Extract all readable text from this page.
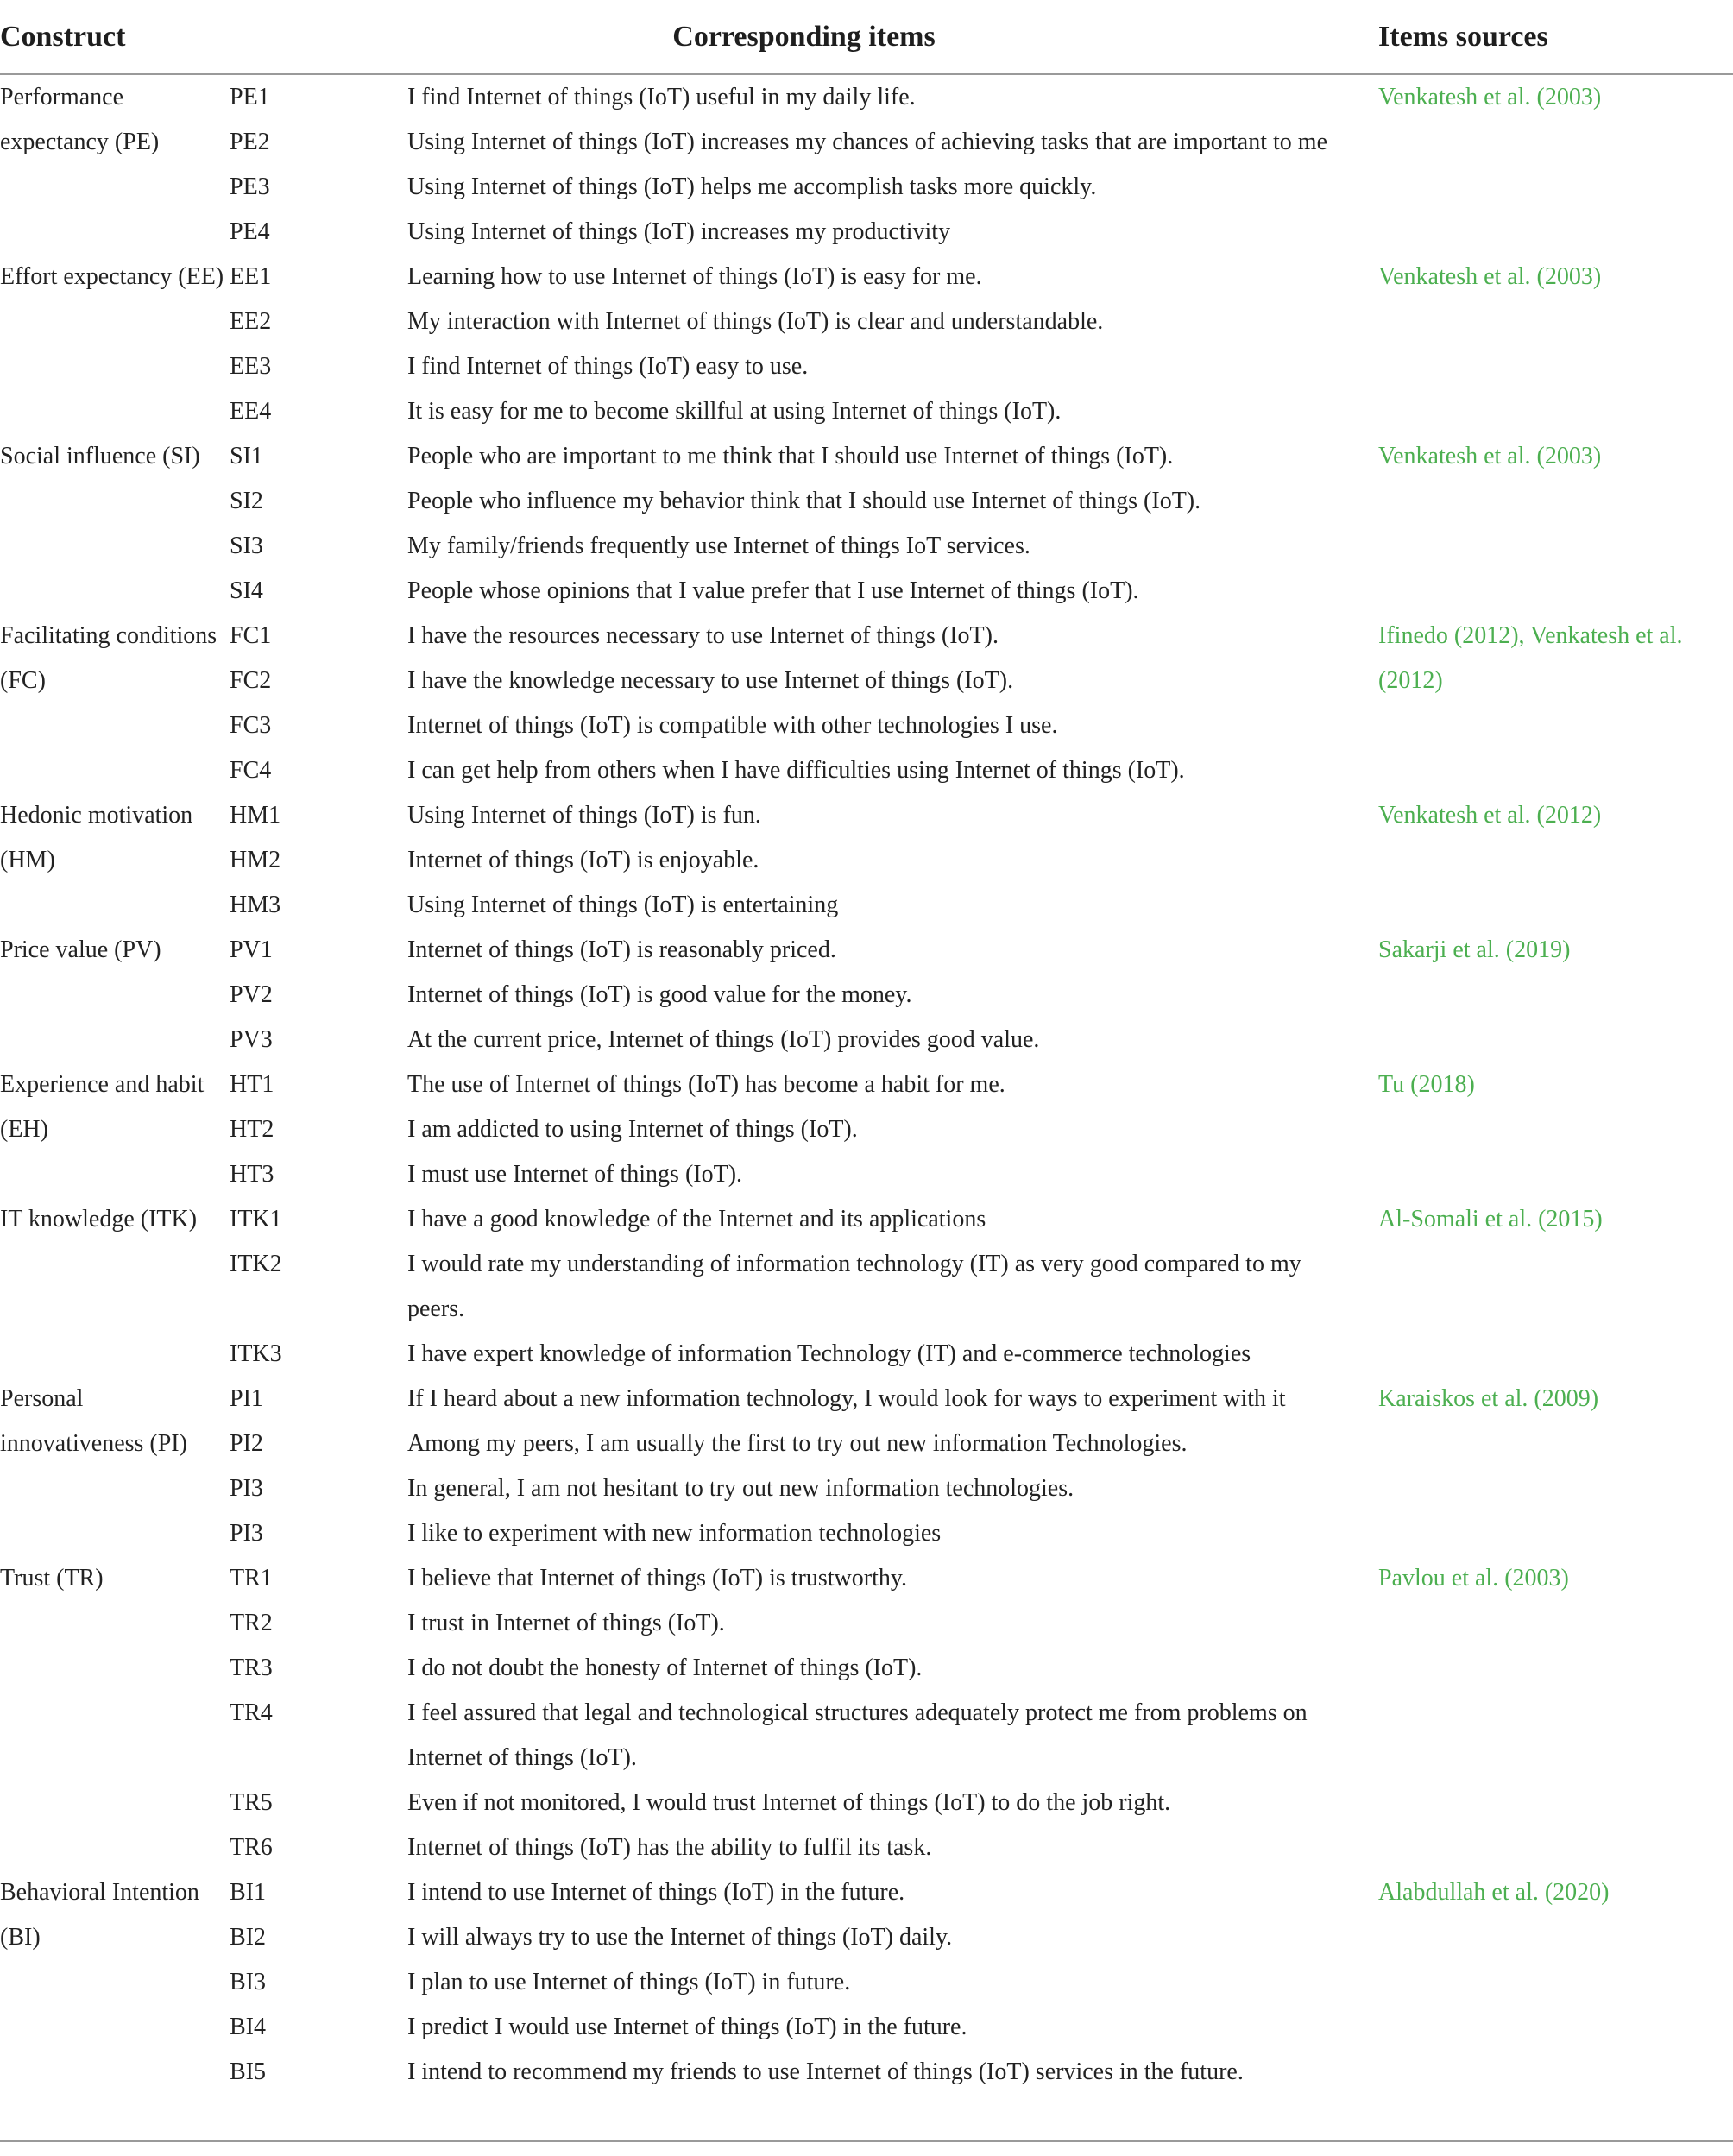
Construct	Corresponding items		Items sources
Performance expectancy (PE)	PE1	I find Internet of things (IoT) useful in my daily life.	Venkatesh et al. (2003)
	PE2	Using Internet of things (IoT) increases my chances of achieving tasks that are important to me	
	PE3	Using Internet of things (IoT) helps me accomplish tasks more quickly.	
	PE4	Using Internet of things (IoT) increases my productivity	
Effort expectancy (EE)	EE1	Learning how to use Internet of things (IoT) is easy for me.	Venkatesh et al. (2003)
	EE2	My interaction with Internet of things (IoT) is clear and understandable.	
	EE3	I find Internet of things (IoT) easy to use.	
	EE4	It is easy for me to become skillful at using Internet of things (IoT).	
Social influence (SI)	SI1	People who are important to me think that I should use Internet of things (IoT).	Venkatesh et al. (2003)
	SI2	People who influence my behavior think that I should use Internet of things (IoT).	
	SI3	My family/friends frequently use Internet of things IoT services.	
	SI4	People whose opinions that I value prefer that I use Internet of things (IoT).	
Facilitating conditions (FC)	FC1	I have the resources necessary to use Internet of things (IoT).	Ifinedo (2012), Venkatesh et al. (2012)
	FC2	I have the knowledge necessary to use Internet of things (IoT).	
	FC3	Internet of things (IoT) is compatible with other technologies I use.	
	FC4	I can get help from others when I have difficulties using Internet of things (IoT).	
Hedonic motivation (HM)	HM1	Using Internet of things (IoT) is fun.	Venkatesh et al. (2012)
	HM2	Internet of things (IoT) is enjoyable.	
	HM3	Using Internet of things (IoT) is entertaining	
Price value (PV)	PV1	Internet of things (IoT) is reasonably priced.	Sakarji et al. (2019)
	PV2	Internet of things (IoT) is good value for the money.	
	PV3	At the current price, Internet of things (IoT) provides good value.	
Experience and habit (EH)	HT1	The use of Internet of things (IoT) has become a habit for me.	Tu (2018)
	HT2	I am addicted to using Internet of things (IoT).	
	HT3	I must use Internet of things (IoT).	
IT knowledge (ITK)	ITK1	I have a good knowledge of the Internet and its applications	Al-Somali et al. (2015)
	ITK2	I would rate my understanding of information technology (IT) as very good compared to my peers.	
	ITK3	I have expert knowledge of information Technology (IT) and e-commerce technologies	
Personal innovativeness (PI)	PI1	If I heard about a new information technology, I would look for ways to experiment with it	Karaiskos et al. (2009)
	PI2	Among my peers, I am usually the first to try out new information Technologies.	
	PI3	In general, I am not hesitant to try out new information technologies.	
	PI3	I like to experiment with new information technologies	
Trust (TR)	TR1	I believe that Internet of things (IoT) is trustworthy.	Pavlou et al. (2003)
	TR2	I trust in Internet of things (IoT).	
	TR3	I do not doubt the honesty of Internet of things (IoT).	
	TR4	I feel assured that legal and technological structures adequately protect me from problems on Internet of things (IoT).	
	TR5	Even if not monitored, I would trust Internet of things (IoT) to do the job right.	
	TR6	Internet of things (IoT) has the ability to fulfil its task.	
Behavioral Intention (BI)	BI1	I intend to use Internet of things (IoT) in the future.	Alabdullah et al. (2020)
	BI2	I will always try to use the Internet of things (IoT) daily.	
	BI3	I plan to use Internet of things (IoT) in future.	
	BI4	I predict I would use Internet of things (IoT) in the future.	
	BI5	I intend to recommend my friends to use Internet of things (IoT) services in the future.	
